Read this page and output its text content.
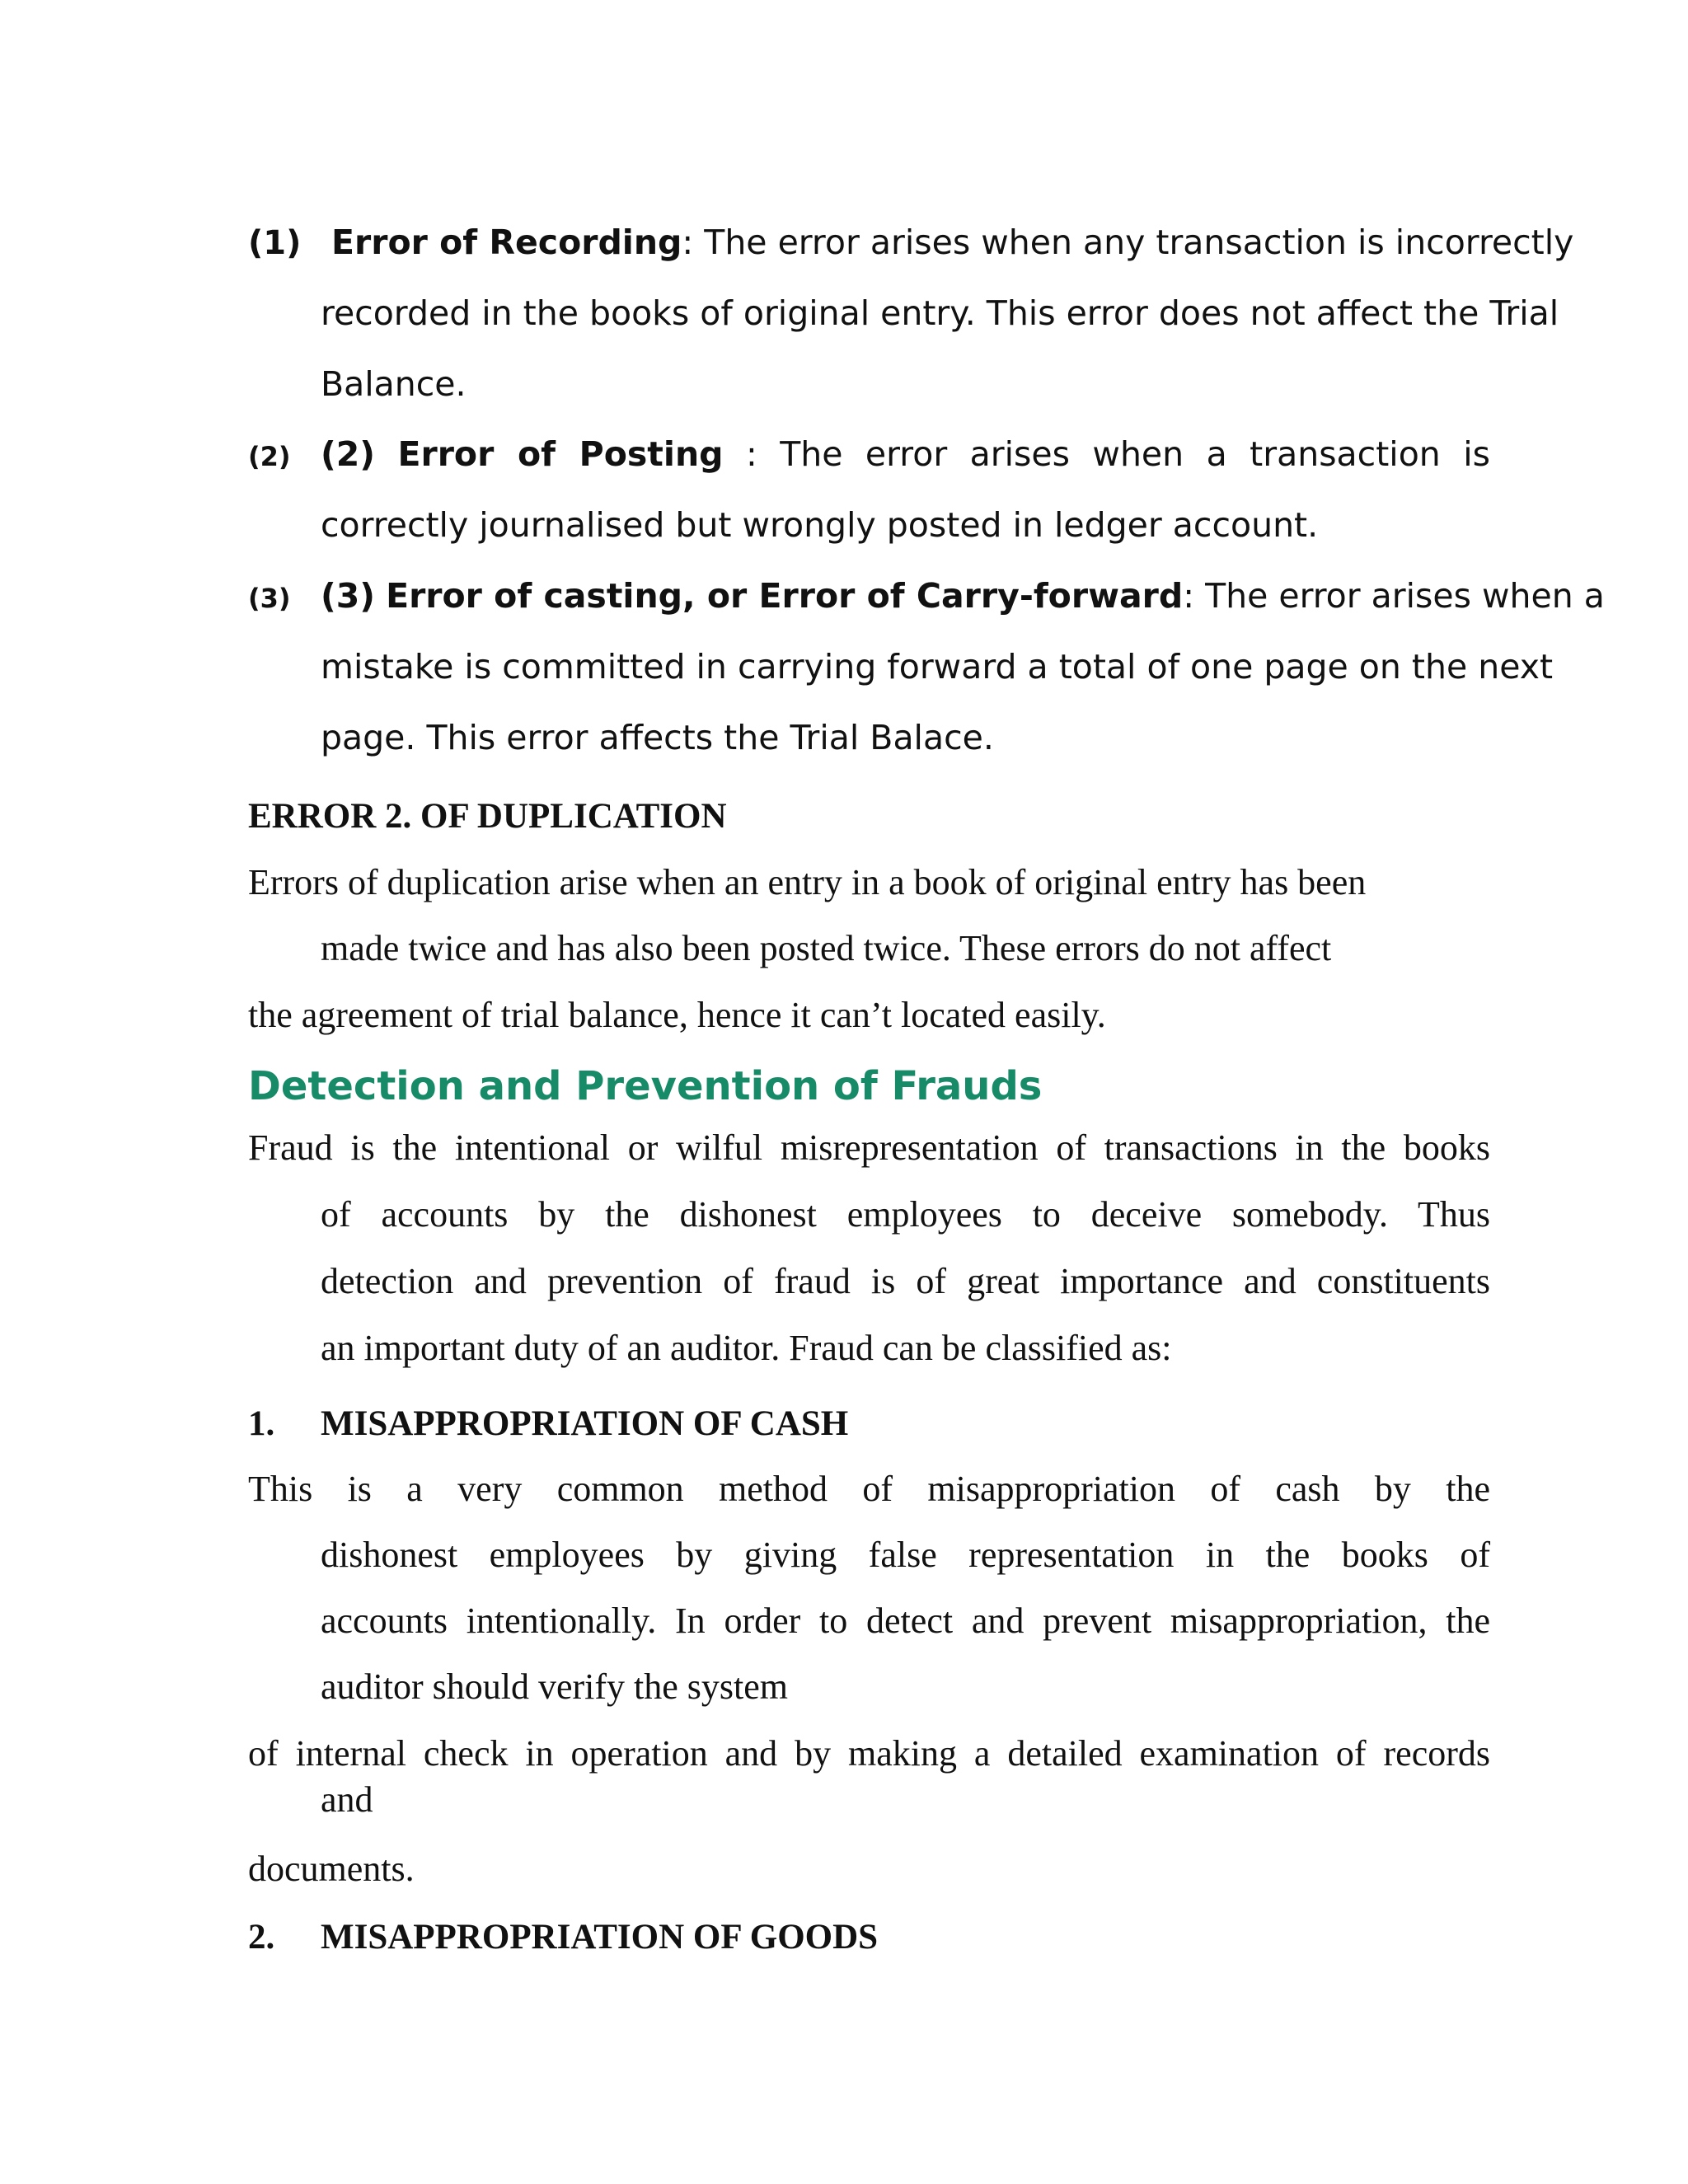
(1) Error of Recording: The error arises when any transaction is incorrectly
recorded in the books of original entry. This error does not affect the Trial
Balance.
(2) (2) Error of Posting : The error arises when a transaction is
correctly journalised but wrongly posted in ledger account.
(3) (3) Error of casting, or Error of Carry-forward: The error arises when a
mistake is committed in carrying forward a total of one page on the next
page. This error affects the Trial Balace.
ERROR 2. OF DUPLICATION
Errors of duplication arise when an entry in a book of original entry has been
made twice and has also been posted twice. These errors do not affect
the agreement of trial balance, hence it can’t located easily.
Detection and Prevention of Frauds
Fraud is the intentional or wilful misrepresentation of transactions in the books
of accounts by the dishonest employees to deceive somebody. Thus
detection and prevention of fraud is of great importance and constituents
an important duty of an auditor. Fraud can be classified as:
1. MISAPPROPRIATION OF CASH
This is a very common method of misappropriation of cash by the
dishonest employees by giving false representation in the books of
accounts intentionally. In order to detect and prevent misappropriation, the
auditor should verify the system
of internal check in operation and by making a detailed examination of records
and
documents.
2. MISAPPROPRIATION OF GOODS
